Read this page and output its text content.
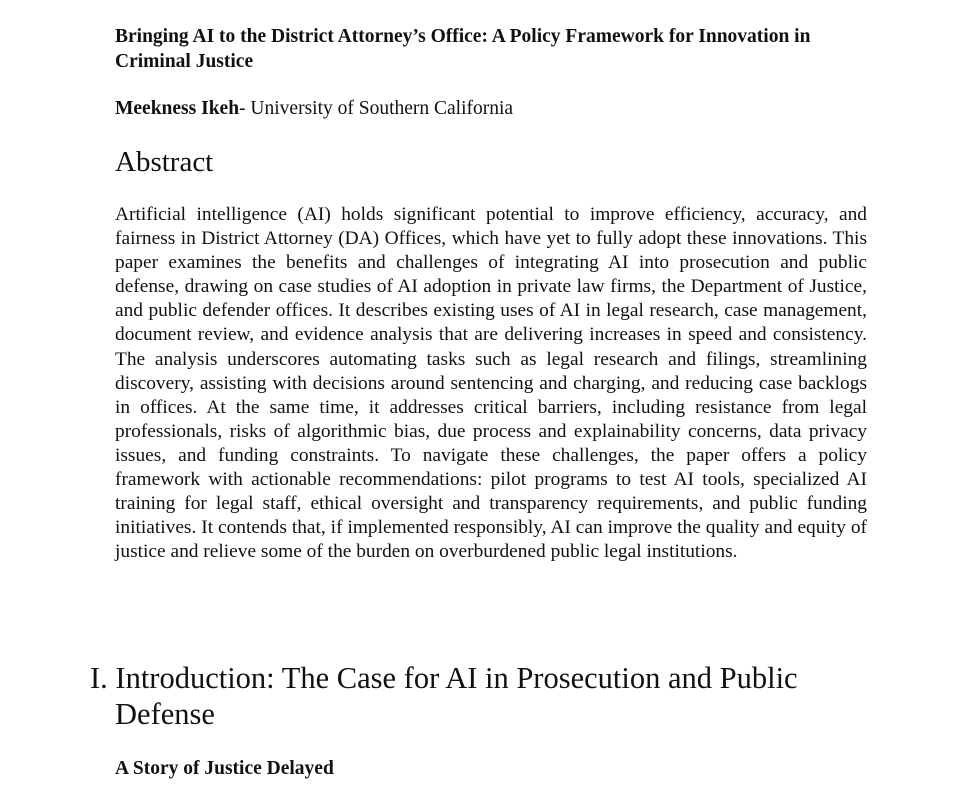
Bringing AI to the District Attorney’s Office: A Policy Framework for Innovation in Criminal Justice

Meekness Ikeh- University of Southern California

Abstract

Artificial intelligence (AI) holds significant potential to improve efficiency, accuracy, and fairness in District Attorney (DA) Offices, which have yet to fully adopt these innovations. This paper examines the benefits and challenges of integrating AI into prosecution and public defense, drawing on case studies of AI adoption in private law firms, the Department of Justice, and public defender offices. It describes existing uses of AI in legal research, case management, document review, and evidence analysis that are delivering increases in speed and consistency. The analysis underscores automating tasks such as legal research and filings, streamlining discovery, assisting with decisions around sentencing and charging, and reducing case backlogs in offices. At the same time, it addresses critical barriers, including resistance from legal professionals, risks of algorithmic bias, due process and explainability concerns, data privacy issues, and funding constraints. To navigate these challenges, the paper offers a policy framework with actionable recommendations: pilot programs to test AI tools, specialized AI training for legal staff, ethical oversight and transparency requirements, and public funding initiatives. It contends that, if implemented responsibly, AI can improve the quality and equity of justice and relieve some of the burden on overburdened public legal institutions.

I. Introduction: The Case for AI in Prosecution and Public Defense
A Story of Justice Delayed
